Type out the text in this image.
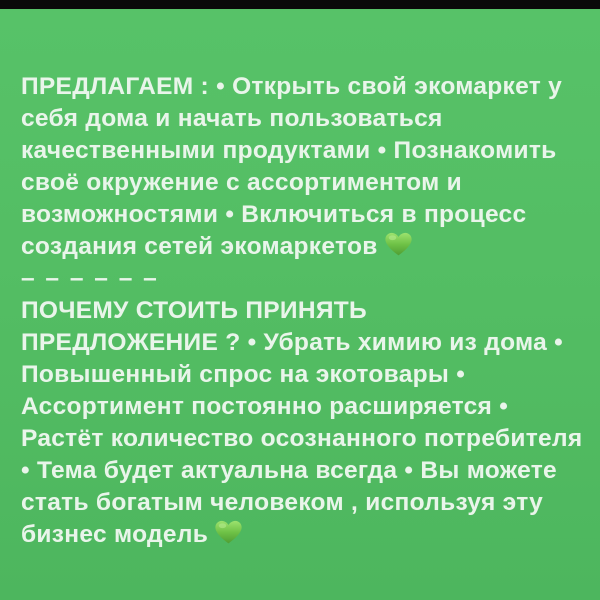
ПРЕДЛАГАЕМ : • Открыть свой экомаркет у
себя дома и начать пользоваться
качественными продуктами • Познакомить
своё окружение с ассортиментом и
возможностями • Включиться в процесс
создания сетей экомаркетов
– – – – – –
ПОЧЕМУ СТОИТЬ ПРИНЯТЬ
ПРЕДЛОЖЕНИЕ ? • Убрать химию из дома •
Повышенный спрос на экотовары •
Ассортимент постоянно расширяется •
Растёт количество осознанного потребителя
• Тема будет актуальна всегда • Вы можете
стать богатым человеком , используя эту
бизнес модель
